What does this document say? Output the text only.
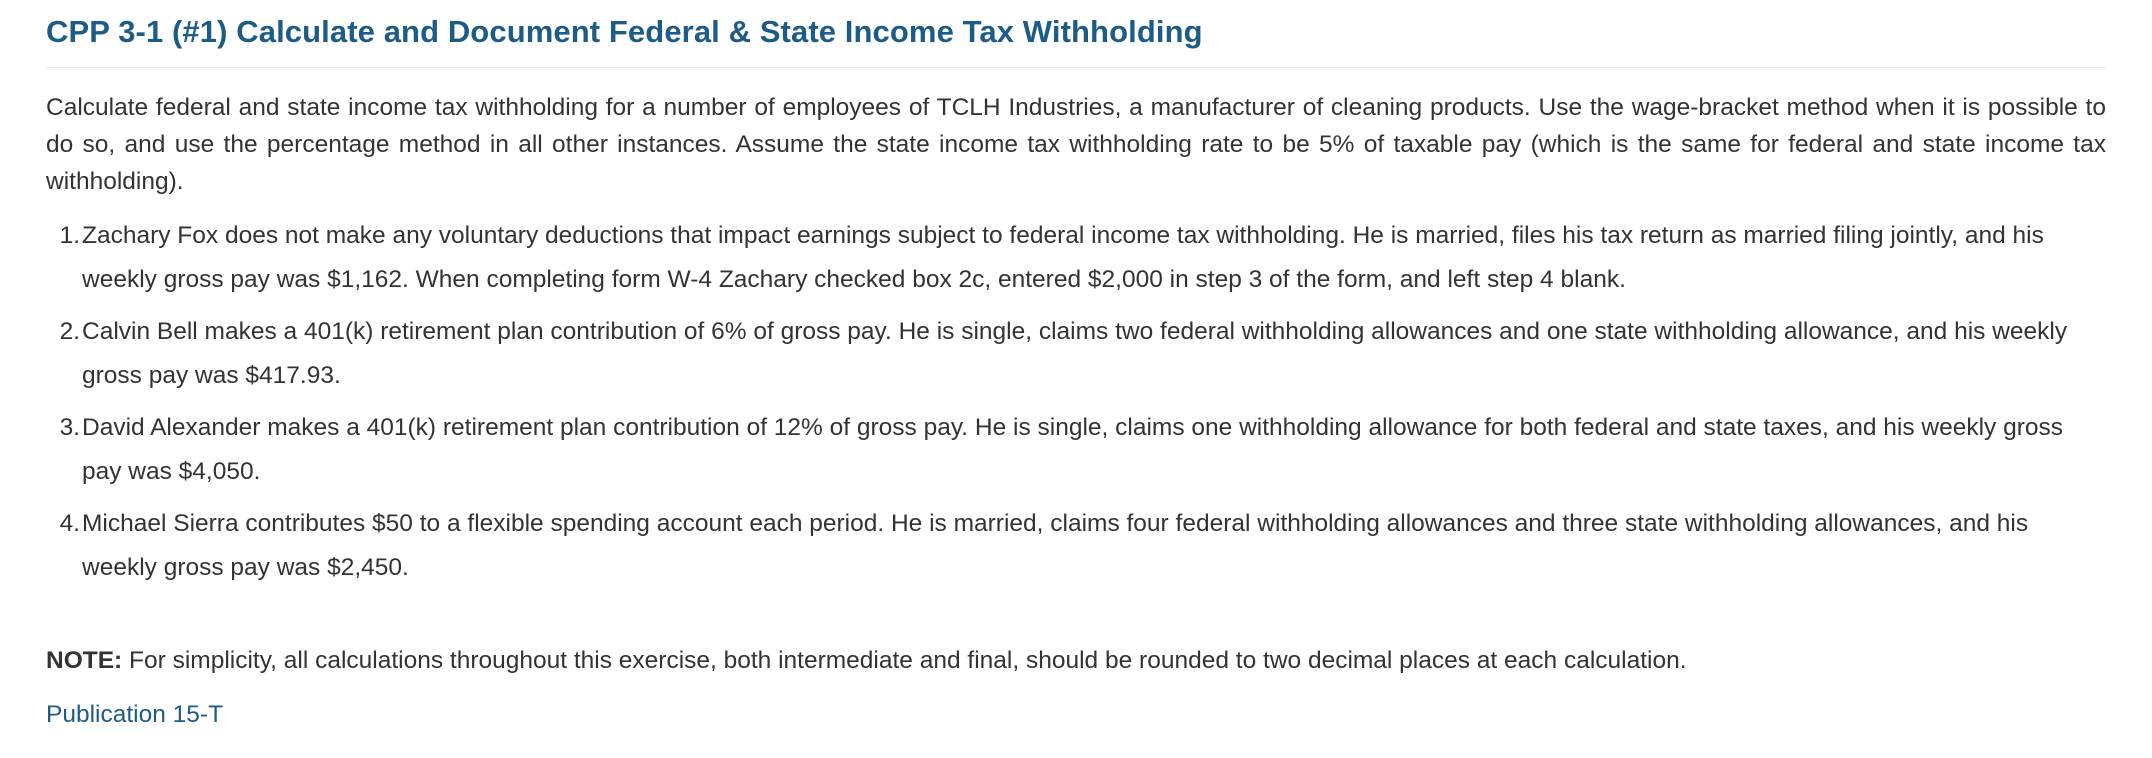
CPP 3-1 (#1) Calculate and Document Federal & State Income Tax Withholding

Calculate federal and state income tax withholding for a number of employees of TCLH Industries, a manufacturer of cleaning products. Use the wage-bracket method when it is possible to do so, and use the percentage method in all other instances. Assume the state income tax withholding rate to be 5% of taxable pay (which is the same for federal and state income tax withholding).

1. Zachary Fox does not make any voluntary deductions that impact earnings subject to federal income tax withholding. He is married, files his tax return as married filing jointly, and his weekly gross pay was $1,162. When completing form W-4 Zachary checked box 2c, entered $2,000 in step 3 of the form, and left step 4 blank.
2. Calvin Bell makes a 401(k) retirement plan contribution of 6% of gross pay. He is single, claims two federal withholding allowances and one state withholding allowance, and his weekly gross pay was $417.93.
3. David Alexander makes a 401(k) retirement plan contribution of 12% of gross pay. He is single, claims one withholding allowance for both federal and state taxes, and his weekly gross pay was $4,050.
4. Michael Sierra contributes $50 to a flexible spending account each period. He is married, claims four federal withholding allowances and three state withholding allowances, and his weekly gross pay was $2,450.

NOTE: For simplicity, all calculations throughout this exercise, both intermediate and final, should be rounded to two decimal places at each calculation.

Publication 15-T
